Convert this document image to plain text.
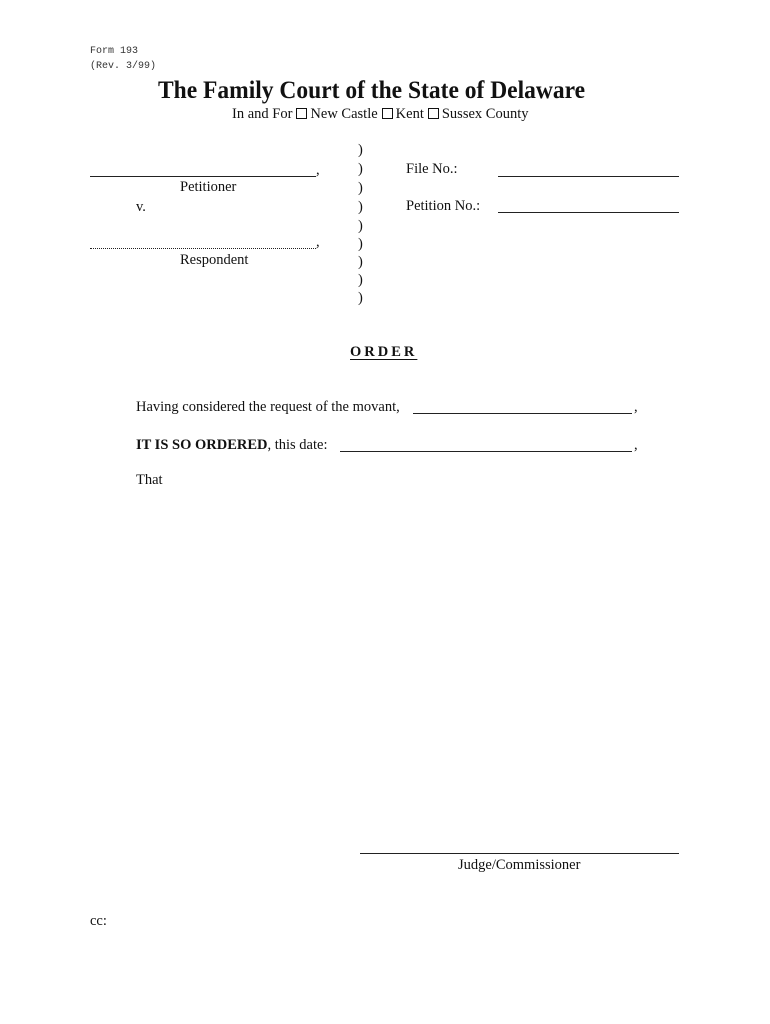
Form 193
(Rev. 3/99)
The Family Court of the State of Delaware
In and For New Castle Kent Sussex County
,
Petitioner
v.
,
Respondent
)
)
)
)
)
)
)
)
)
File No.:
Petition No.:
ORDER
Having considered the request of the movant,	,
IT IS SO ORDERED, this date:	,
That
Judge/Commissioner
cc:
